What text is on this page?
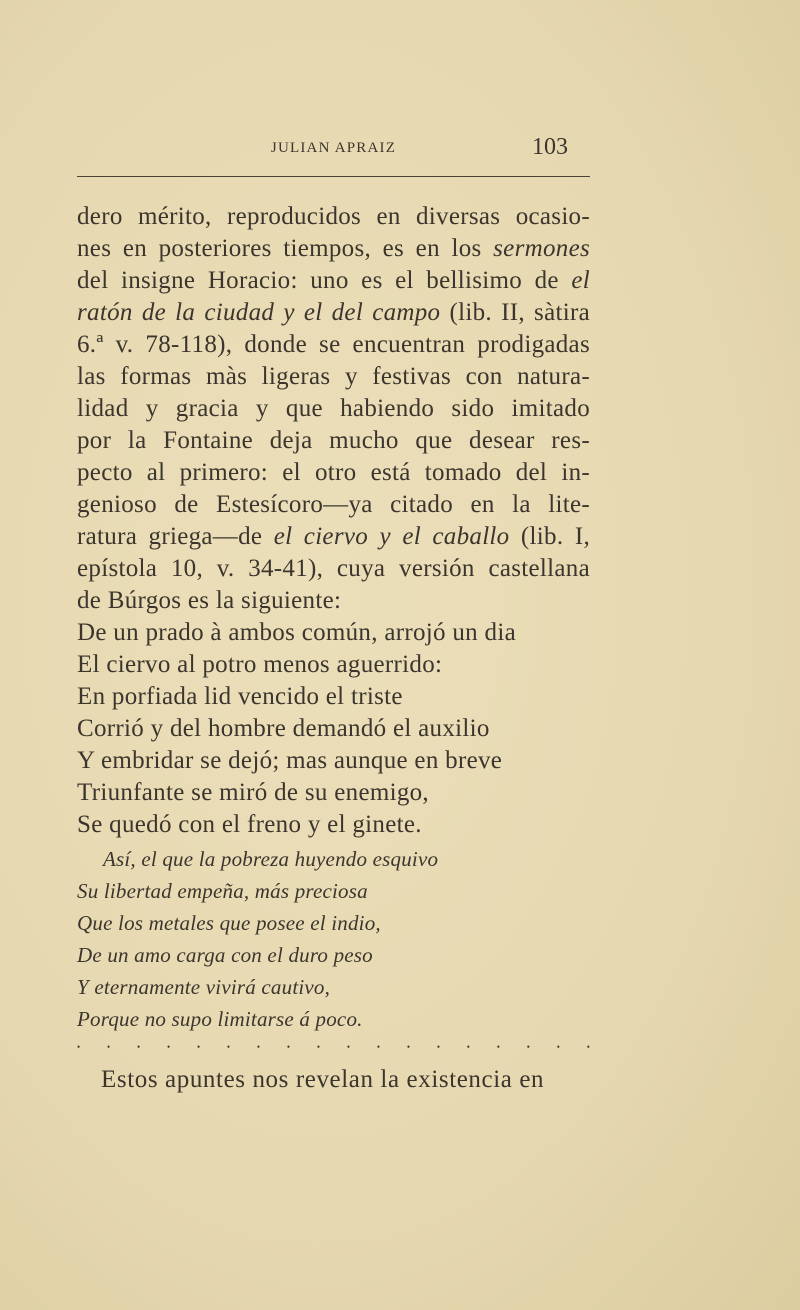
JULIAN APRAIZ	103
dero mérito, reproducidos en diversas ocasio-
nes en posteriores tiempos, es en los sermones
del insigne Horacio: uno es el bellisimo de el
ratón de la ciudad y el del campo (lib. II, sàtira
6.ª v. 78-118), donde se encuentran prodigadas
las formas màs ligeras y festivas con natura-
lidad y gracia y que habiendo sido imitado
por la Fontaine deja mucho que desear res-
pecto al primero: el otro está tomado del in-
genioso de Estesícoro—ya citado en la lite-
ratura griega—de el ciervo y el caballo (lib. I,
epístola 10, v. 34-41), cuya versión castellana
de Búrgos es la siguiente:
De un prado à ambos común, arrojó un dia
El ciervo al potro menos aguerrido:
En porfiada lid vencido el triste
Corrió y del hombre demandó el auxilio
Y embridar se dejó; mas aunque en breve
Triunfante se miró de su enemigo,
Se quedó con el freno y el ginete.
Así, el que la pobreza huyendo esquivo
Su libertad empeña, más preciosa
Que los metales que posee el indio,
De un amo carga con el duro peso
Y eternamente vivirá cautivo,
Porque no supo limitarse á poco.
•	•	•	•	•	•	•	•	•	•	•	•	•	•	•	•	•	•
Estos apuntes nos revelan la existencia en
